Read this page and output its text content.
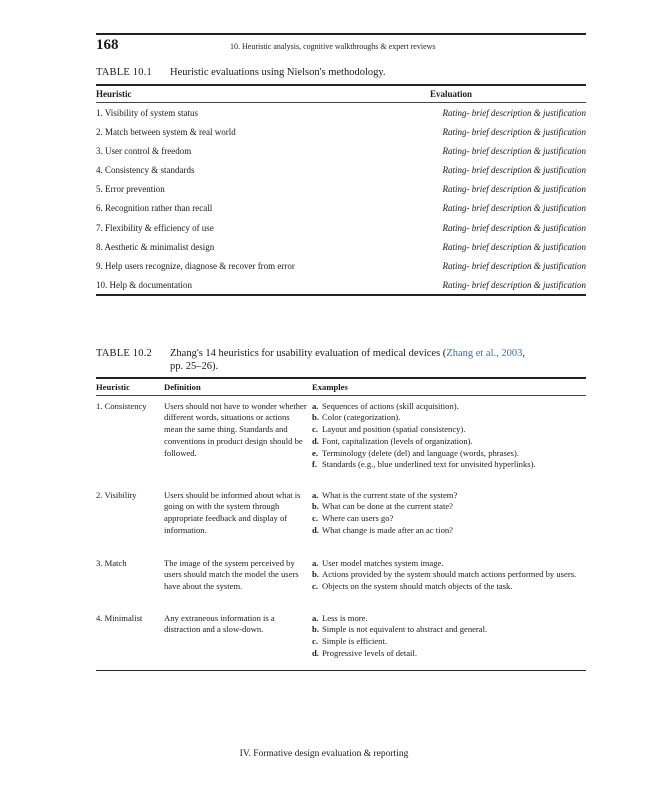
168	10. Heuristic analysis, cognitive walkthroughs & expert reviews
TABLE 10.1 Heuristic evaluations using Nielson's methodology.
Heuristic	Evaluation
1. Visibility of system status	Rating- brief description & justification
2. Match between system & real world	Rating- brief description & justification
3. User control & freedom	Rating- brief description & justification
4. Consistency & standards	Rating- brief description & justification
5. Error prevention	Rating- brief description & justification
6. Recognition rather than recall	Rating- brief description & justification
7. Flexibility & efficiency of use	Rating- brief description & justification
8. Aesthetic & minimalist design	Rating- brief description & justification
9. Help users recognize, diagnose & recover from error	Rating- brief description & justification
10. Help & documentation	Rating- brief description & justification
TABLE 10.2 Zhang's 14 heuristics for usability evaluation of medical devices (Zhang et al., 2003,
pp. 25–26).
Heuristic	Definition	Examples
1. Consistency	Users should not have to wonder whether different words, situations or actions mean the same thing. Standards and conventions in product design should be followed.
a. Sequences of actions (skill acquisition).
b. Color (categorization).
c. Layout and position (spatial consistency).
d. Font, capitalization (levels of organization).
e. Terminology (delete (del) and language (words, phrases).
f. Standards (e.g., blue underlined text for unvisited hyperlinks).
2. Visibility	Users should be informed about what is going on with the system through appropriate feedback and display of information.
a. What is the current state of the system?
b. What can be done at the current state?
c. Where can users go?
d. What change is made after an ac tion?
3. Match	The image of the system perceived by users should match the model the users have about the system.
a. User model matches system image.
b. Actions provided by the system should match actions performed by users.
c. Objects on the system should match objects of the task.
4. Minimalist	Any extraneous information is a distraction and a slow-down.
a. Less is more.
b. Simple is not equivalent to abstract and general.
c. Simple is efficient.
d. Progressive levels of detail.
IV. Formative design evaluation & reporting
